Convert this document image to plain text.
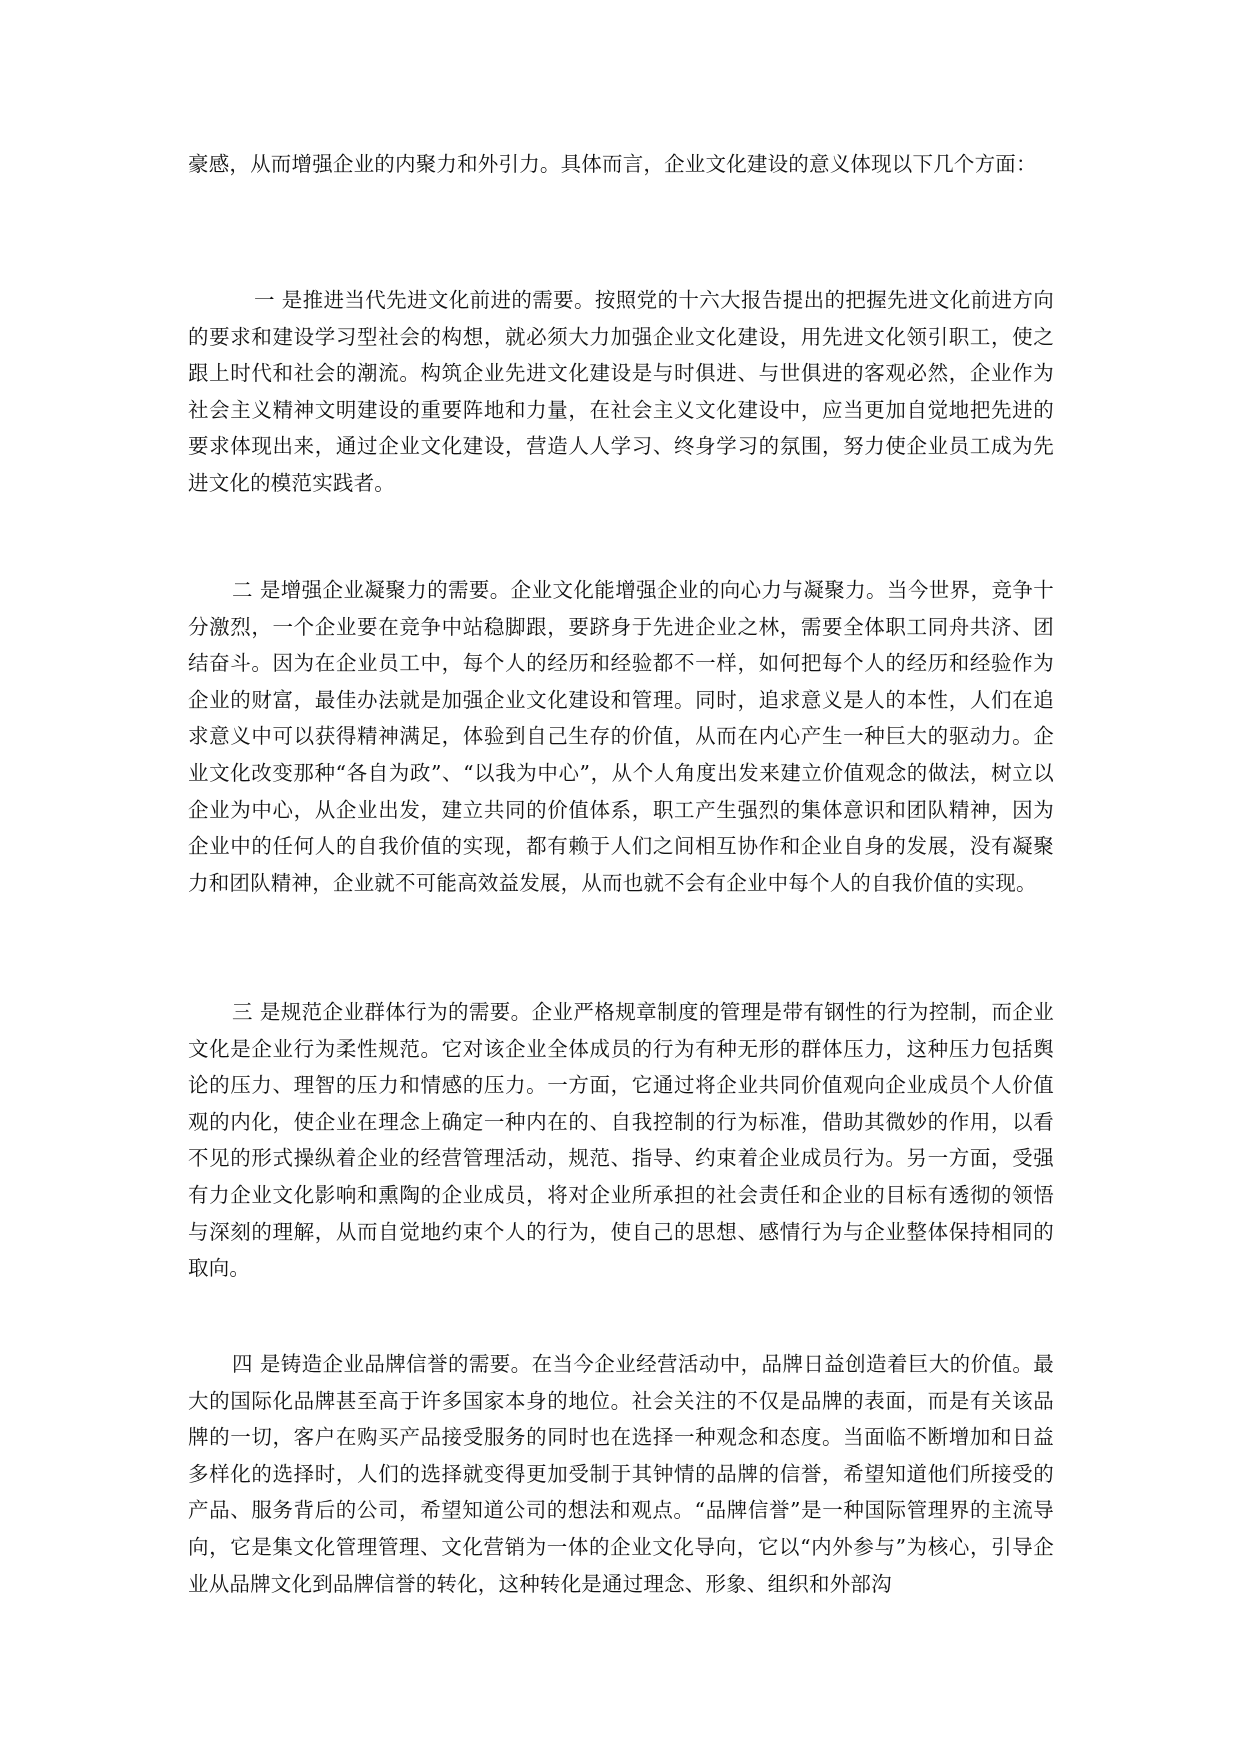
豪感，从而增强企业的内聚力和外引力。具体而言，企业文化建设的意义体现以下几个方面：

一 是推进当代先进文化前进的需要。按照党的十六大报告提出的把握先进文化前进方向的要求和建设学习型社会的构想，就必须大力加强企业文化建设，用先进文化领引职工，使之跟上时代和社会的潮流。构筑企业先进文化建设是与时俱进、与世俱进的客观必然，企业作为社会主义精神文明建设的重要阵地和力量，在社会主义文化建设中，应当更加自觉地把先进的要求体现出来，通过企业文化建设，营造人人学习、终身学习的氛围，努力使企业员工成为先进文化的模范实践者。

二 是增强企业凝聚力的需要。企业文化能增强企业的向心力与凝聚力。当今世界，竞争十分激烈，一个企业要在竞争中站稳脚跟，要跻身于先进企业之林，需要全体职工同舟共济、团结奋斗。因为在企业员工中，每个人的经历和经验都不一样，如何把每个人的经历和经验作为企业的财富，最佳办法就是加强企业文化建设和管理。同时，追求意义是人的本性，人们在追求意义中可以获得精神满足，体验到自己生存的价值，从而在内心产生一种巨大的驱动力。企业文化改变那种“各自为政”、“以我为中心”，从个人角度出发来建立价值观念的做法，树立以企业为中心，从企业出发，建立共同的价值体系，职工产生强烈的集体意识和团队精神，因为企业中的任何人的自我价值的实现，都有赖于人们之间相互协作和企业自身的发展，没有凝聚力和团队精神，企业就不可能高效益发展，从而也就不会有企业中每个人的自我价值的实现。

三 是规范企业群体行为的需要。企业严格规章制度的管理是带有钢性的行为控制，而企业文化是企业行为柔性规范。它对该企业全体成员的行为有种无形的群体压力，这种压力包括舆论的压力、理智的压力和情感的压力。一方面，它通过将企业共同价值观向企业成员个人价值观的内化，使企业在理念上确定一种内在的、自我控制的行为标准，借助其微妙的作用，以看不见的形式操纵着企业的经营管理活动，规范、指导、约束着企业成员行为。另一方面，受强有力企业文化影响和熏陶的企业成员，将对企业所承担的社会责任和企业的目标有透彻的领悟与深刻的理解，从而自觉地约束个人的行为，使自己的思想、感情行为与企业整体保持相同的取向。

四 是铸造企业品牌信誉的需要。在当今企业经营活动中，品牌日益创造着巨大的价值。最大的国际化品牌甚至高于许多国家本身的地位。社会关注的不仅是品牌的表面，而是有关该品牌的一切，客户在购买产品接受服务的同时也在选择一种观念和态度。当面临不断增加和日益多样化的选择时，人们的选择就变得更加受制于其钟情的品牌的信誉，希望知道他们所接受的产品、服务背后的公司，希望知道公司的想法和观点。“品牌信誉”是一种国际管理界的主流导向，它是集文化管理管理、文化营销为一体的企业文化导向，它以“内外参与”为核心，引导企业从品牌文化到品牌信誉的转化，这种转化是通过理念、形象、组织和外部沟
